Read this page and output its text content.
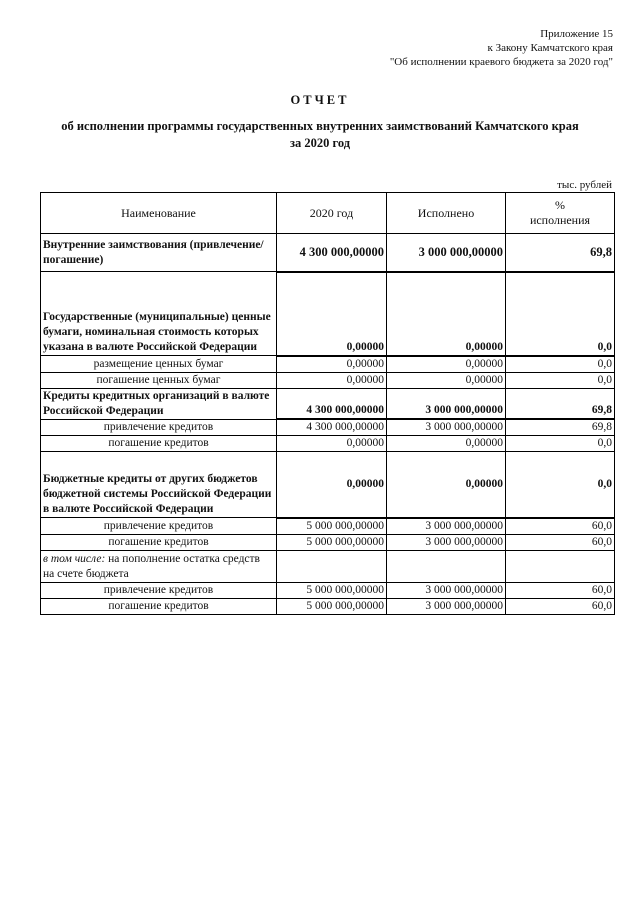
Приложение 15
к Закону Камчатского края
"Об исполнении краевого бюджета за 2020 год"
ОТЧЕТ
об исполнении программы государственных внутренних заимствований Камчатского края за 2020 год
тыс. рублей
Наименование	2020 год	Исполнено	%
исполнения

Внутренние заимствования (привлечение/погашение)	4 300 000,00000	3 000 000,00000	69,8
Государственные (муниципальные) ценные бумаги, номинальная стоимость которых указана в валюте Российской Федерации	0,00000	0,00000	0,0
размещение ценных бумаг	0,00000	0,00000	0,0
погашение ценных бумаг	0,00000	0,00000	0,0
Кредиты кредитных организаций в валюте Российской Федерации	4 300 000,00000	3 000 000,00000	69,8
привлечение кредитов	4 300 000,00000	3 000 000,00000	69,8
погашение кредитов	0,00000	0,00000	0,0
Бюджетные кредиты от других бюджетов бюджетной системы Российской Федерации в валюте Российской Федерации	0,00000	0,00000	0,0
привлечение кредитов	5 000 000,00000	3 000 000,00000	60,0
погашение кредитов	5 000 000,00000	3 000 000,00000	60,0
в том числе: на пополнение остатка средств на счете бюджета			
привлечение кредитов	5 000 000,00000	3 000 000,00000	60,0
погашение кредитов	5 000 000,00000	3 000 000,00000	60,0
